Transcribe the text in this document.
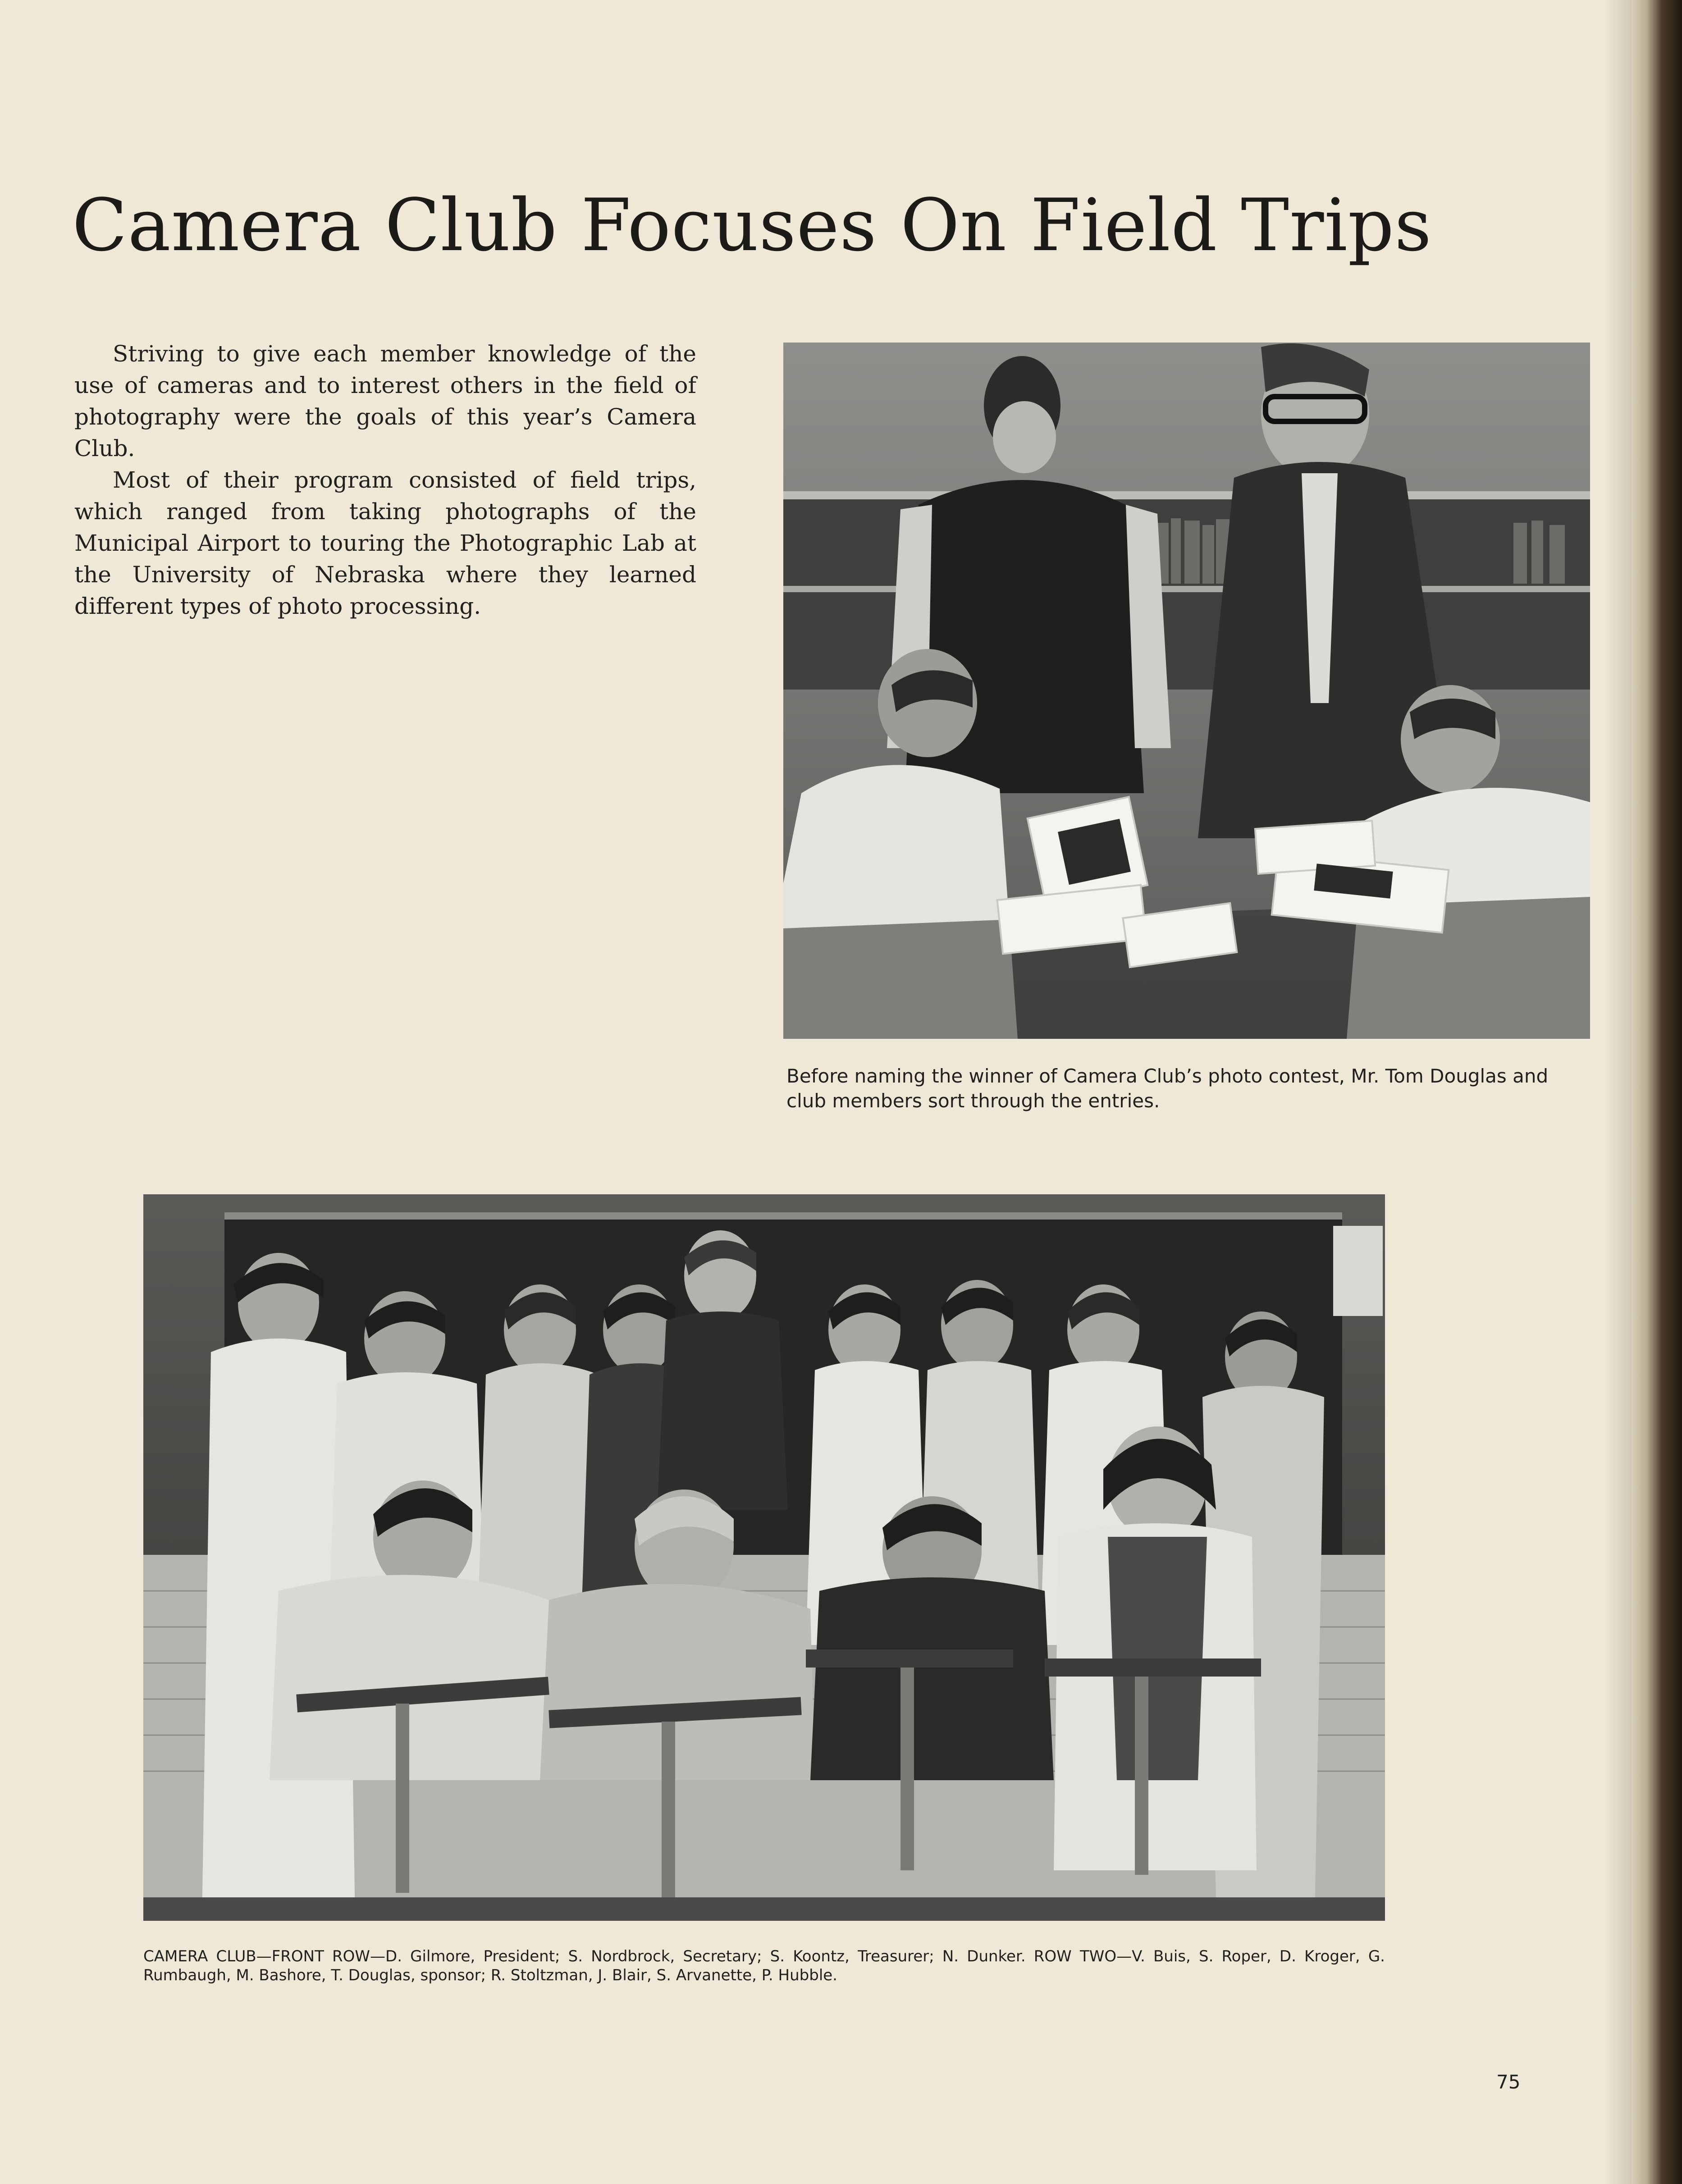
Camera Club Focuses On Field Trips

Striving to give each member knowledge of the use of cameras and to interest others in the field of photography were the goals of this year’s Camera Club.

Most of their program consisted of field trips, which ranged from taking photographs of the Municipal Airport to touring the Photographic Lab at the University of Nebraska where they learned different types of photo processing.

Before naming the winner of Camera Club’s photo contest, Mr. Tom Douglas and club members sort through the entries.

CAMERA CLUB—FRONT ROW—D. Gilmore, President; S. Nordbrock, Secretary; S. Koontz, Treasurer; N. Dunker. ROW TWO—V. Buis, S. Roper, D. Kroger, G. Rumbaugh, M. Bashore, T. Douglas, sponsor; R. Stoltzman, J. Blair, S. Arvanette, P. Hubble.

75
